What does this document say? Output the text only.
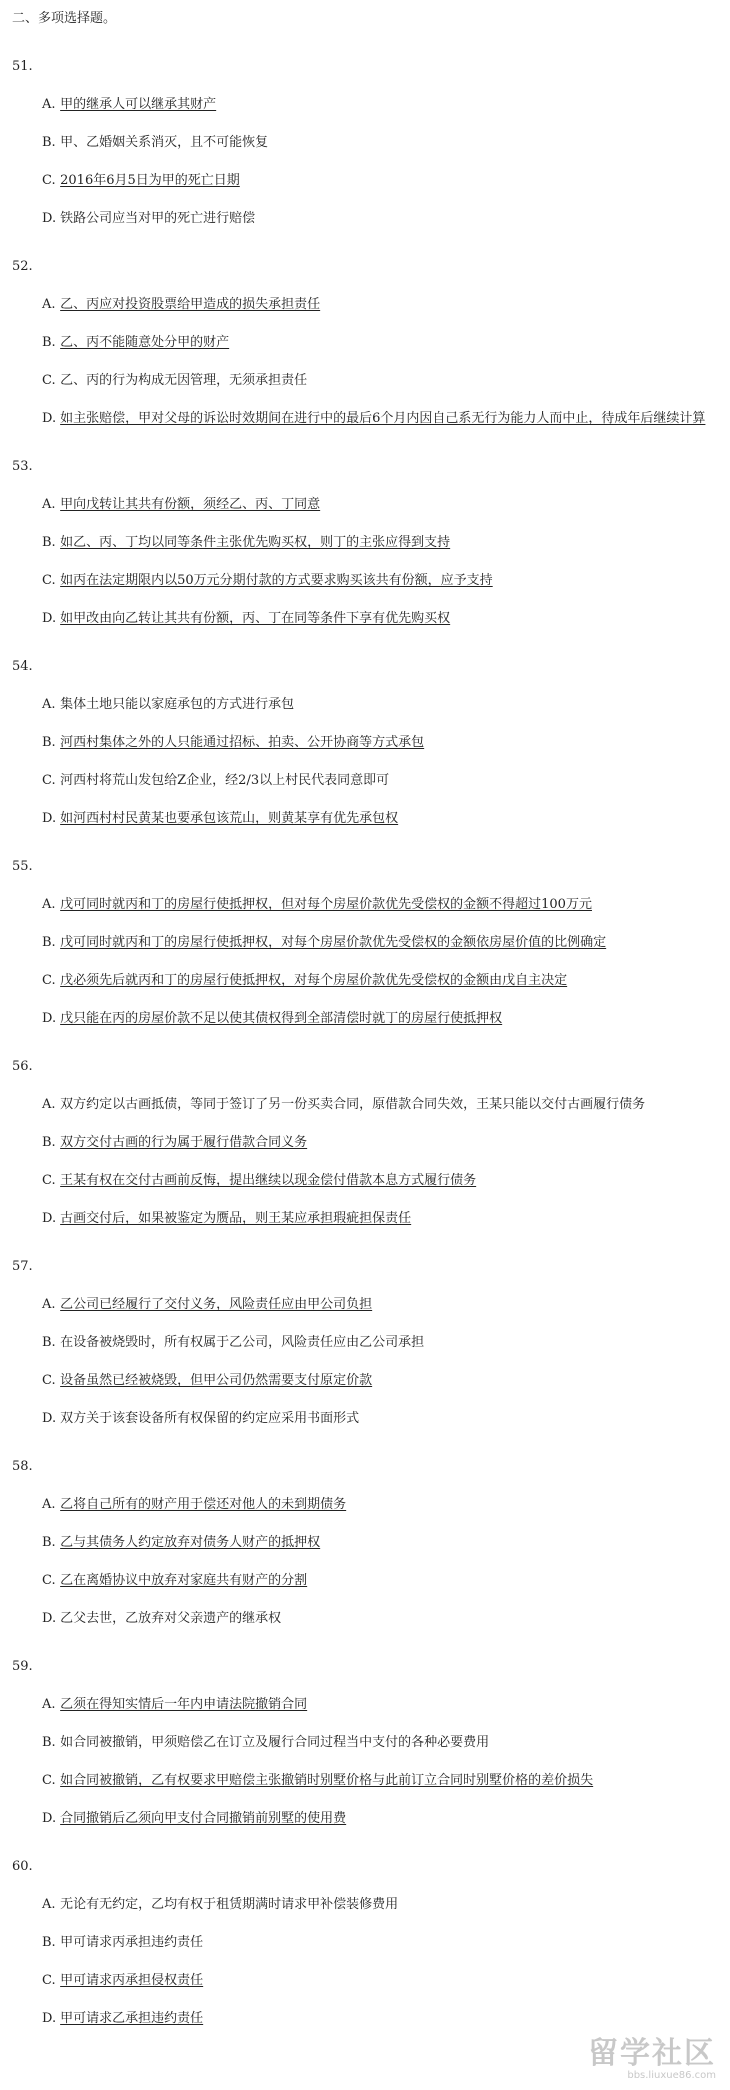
二、多项选择题。
51.
A. 甲的继承人可以继承其财产
B. 甲、乙婚姻关系消灭，且不可能恢复
C. 2016年6月5日为甲的死亡日期
D. 铁路公司应当对甲的死亡进行赔偿
52.
A. 乙、丙应对投资股票给甲造成的损失承担责任
B. 乙、丙不能随意处分甲的财产
C. 乙、丙的行为构成无因管理，无须承担责任
D. 如主张赔偿，甲对父母的诉讼时效期间在进行中的最后6个月内因自己系无行为能力人而中止，待成年后继续计算
53.
A. 甲向戊转让其共有份额，须经乙、丙、丁同意
B. 如乙、丙、丁均以同等条件主张优先购买权，则丁的主张应得到支持
C. 如丙在法定期限内以50万元分期付款的方式要求购买该共有份额，应予支持
D. 如甲改由向乙转让其共有份额，丙、丁在同等条件下享有优先购买权
54.
A. 集体土地只能以家庭承包的方式进行承包
B. 河西村集体之外的人只能通过招标、拍卖、公开协商等方式承包
C. 河西村将荒山发包给Z企业，经2/3以上村民代表同意即可
D. 如河西村村民黄某也要承包该荒山，则黄某享有优先承包权
55.
A. 戊可同时就丙和丁的房屋行使抵押权，但对每个房屋价款优先受偿权的金额不得超过100万元
B. 戊可同时就丙和丁的房屋行使抵押权，对每个房屋价款优先受偿权的金额依房屋价值的比例确定
C. 戊必须先后就丙和丁的房屋行使抵押权，对每个房屋价款优先受偿权的金额由戊自主决定
D. 戊只能在丙的房屋价款不足以使其债权得到全部清偿时就丁的房屋行使抵押权
56.
A. 双方约定以古画抵债，等同于签订了另一份买卖合同，原借款合同失效，王某只能以交付古画履行债务
B. 双方交付古画的行为属于履行借款合同义务
C. 王某有权在交付古画前反悔，提出继续以现金偿付借款本息方式履行债务
D. 古画交付后，如果被鉴定为赝品，则王某应承担瑕疵担保责任
57.
A. 乙公司已经履行了交付义务，风险责任应由甲公司负担
B. 在设备被烧毁时，所有权属于乙公司，风险责任应由乙公司承担
C. 设备虽然已经被烧毁，但甲公司仍然需要支付原定价款
D. 双方关于该套设备所有权保留的约定应采用书面形式
58.
A. 乙将自己所有的财产用于偿还对他人的未到期债务
B. 乙与其债务人约定放弃对债务人财产的抵押权
C. 乙在离婚协议中放弃对家庭共有财产的分割
D. 乙父去世，乙放弃对父亲遗产的继承权
59.
A. 乙须在得知实情后一年内申请法院撤销合同
B. 如合同被撤销，甲须赔偿乙在订立及履行合同过程当中支付的各种必要费用
C. 如合同被撤销，乙有权要求甲赔偿主张撤销时别墅价格与此前订立合同时别墅价格的差价损失
D. 合同撤销后乙须向甲支付合同撤销前别墅的使用费
60.
A. 无论有无约定，乙均有权于租赁期满时请求甲补偿装修费用
B. 甲可请求丙承担违约责任
C. 甲可请求丙承担侵权责任
D. 甲可请求乙承担违约责任
留学社区
bbs.liuxue86.com
